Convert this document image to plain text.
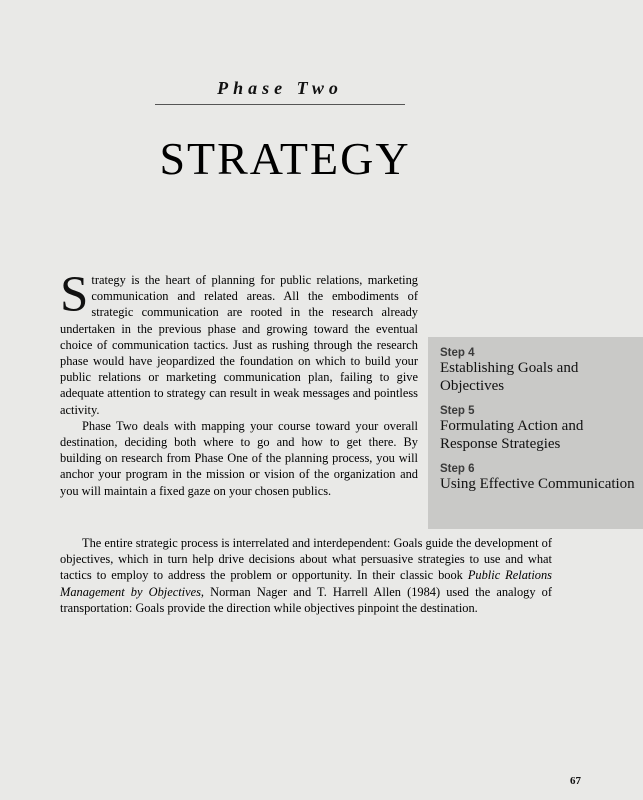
Phase Two
STRATEGY
Step 4
Establishing Goals and Objectives
Step 5
Formulating Action and Response Strategies
Step 6
Using Effective Communication

Strategy is the heart of planning for public relations, marketing communication and related areas. All the embodiments of strategic communication are rooted in the research already undertaken in the previous phase and growing toward the eventual choice of communication tactics. Just as rushing through the research phase would have jeopardized the foundation on which to build your public relations or marketing communication plan, failing to give adequate attention to strategy can result in weak messages and pointless activity.

Phase Two deals with mapping your course toward your overall destination, deciding both where to go and how to get there. By building on research from Phase One of the planning process, you will anchor your program in the mission or vision of the organization and you will maintain a fixed gaze on your chosen publics.

67

The entire strategic process is interrelated and interdependent: Goals guide the development of objectives, which in turn help drive decisions about what persuasive strategies to use and what tactics to employ to address the problem or opportunity. In their classic book Public Relations Management by Objectives, Norman Nager and T. Harrell Allen (1984) used the analogy of transportation: Goals provide the direction while objectives pinpoint the destination.
